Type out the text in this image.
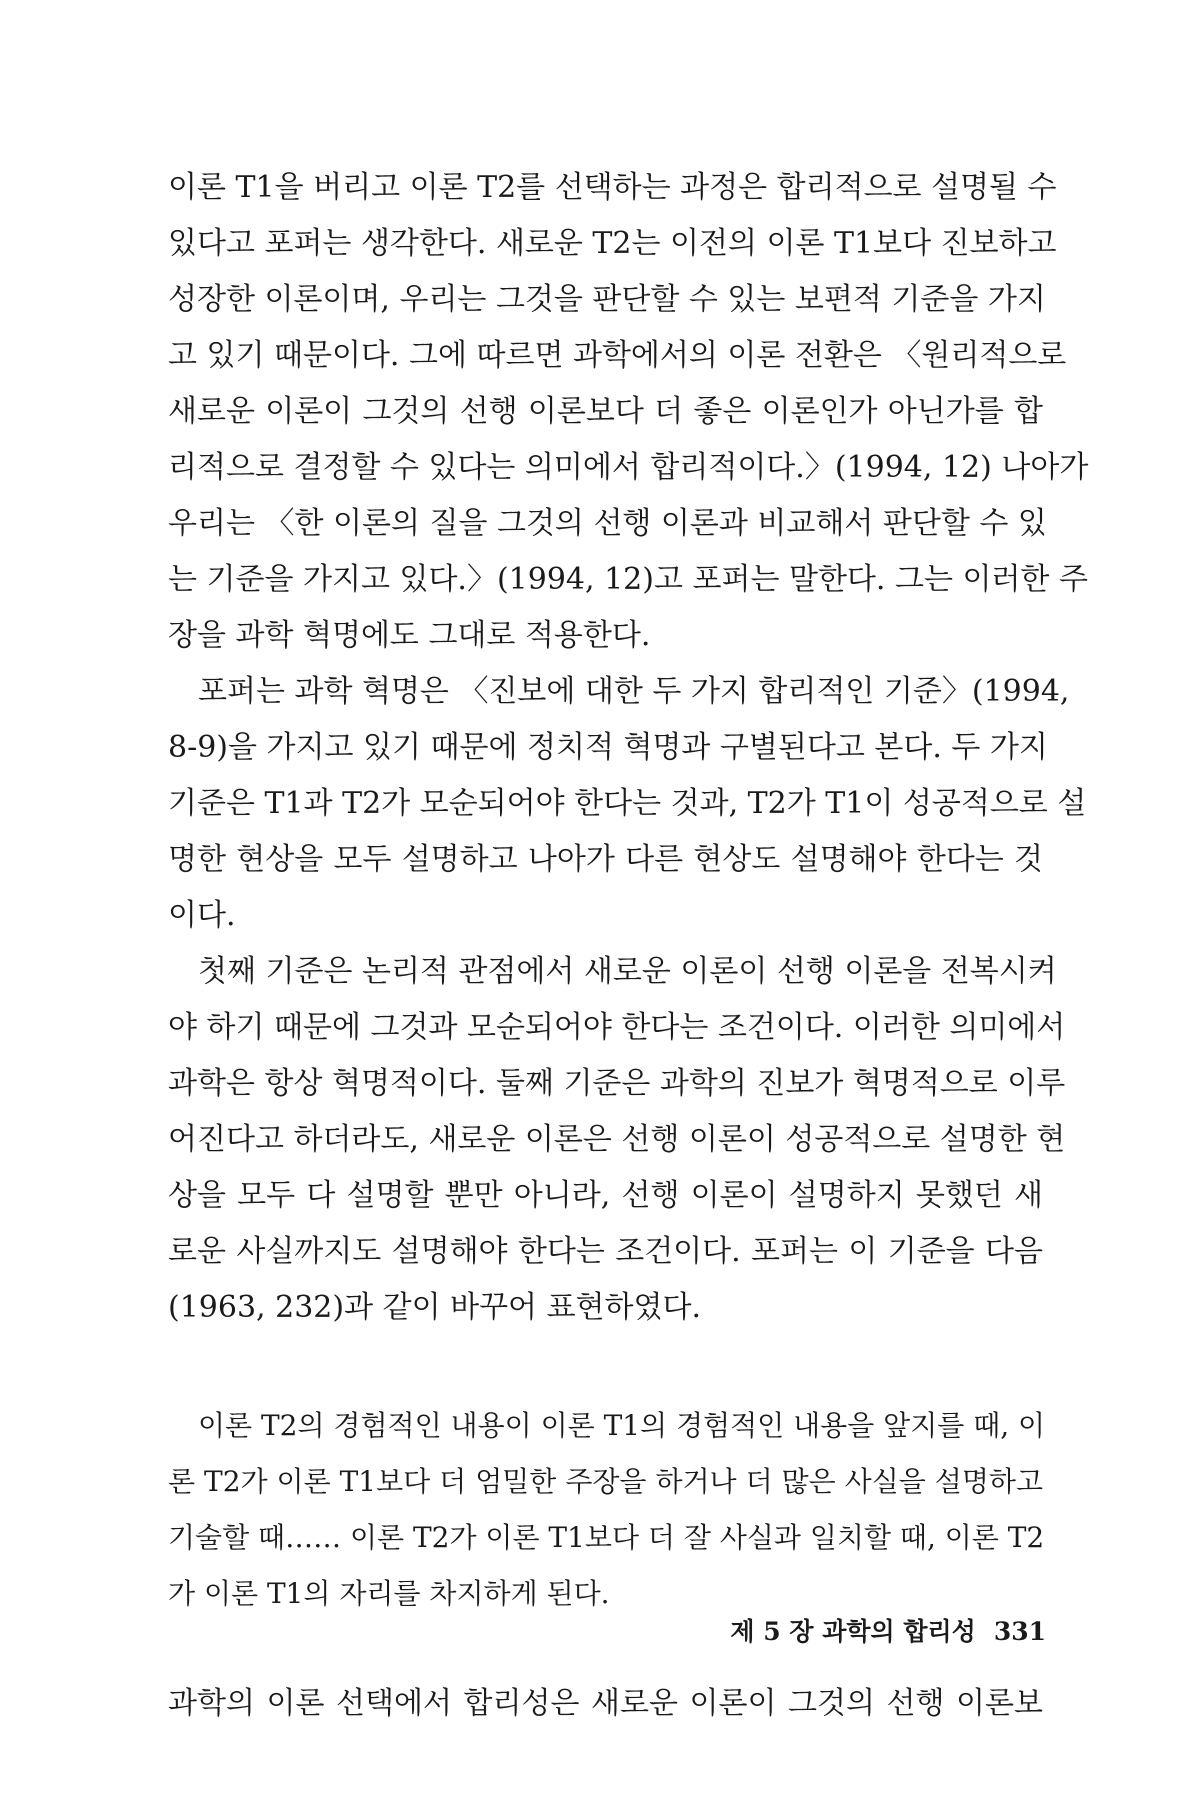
이론 T1을 버리고 이론 T2를 선택하는 과정은 합리적으로 설명될 수

있다고 포퍼는 생각한다. 새로운 T2는 이전의 이론 T1보다 진보하고

성장한 이론이며, 우리는 그것을 판단할 수 있는 보편적 기준을 가지

고 있기 때문이다. 그에 따르면 과학에서의 이론 전환은 〈원리적으로

새로운 이론이 그것의 선행 이론보다 더 좋은 이론인가 아닌가를 합

리적으로 결정할 수 있다는 의미에서 합리적이다.〉(1994, 12) 나아가

우리는 〈한 이론의 질을 그것의 선행 이론과 비교해서 판단할 수 있

는 기준을 가지고 있다.〉(1994, 12)고 포퍼는 말한다. 그는 이러한 주

장을 과학 혁명에도 그대로 적용한다.

포퍼는 과학 혁명은 〈진보에 대한 두 가지 합리적인 기준〉(1994,

8-9)을 가지고 있기 때문에 정치적 혁명과 구별된다고 본다. 두 가지

기준은 T1과 T2가 모순되어야 한다는 것과, T2가 T1이 성공적으로 설

명한 현상을 모두 설명하고 나아가 다른 현상도 설명해야 한다는 것

이다.

첫째 기준은 논리적 관점에서 새로운 이론이 선행 이론을 전복시켜

야 하기 때문에 그것과 모순되어야 한다는 조건이다. 이러한 의미에서

과학은 항상 혁명적이다. 둘째 기준은 과학의 진보가 혁명적으로 이루

어진다고 하더라도, 새로운 이론은 선행 이론이 성공적으로 설명한 현

상을 모두 다 설명할 뿐만 아니라, 선행 이론이 설명하지 못했던 새

로운 사실까지도 설명해야 한다는 조건이다. 포퍼는 이 기준을 다음

(1963, 232)과 같이 바꾸어 표현하였다.

이론 T2의 경험적인 내용이 이론 T1의 경험적인 내용을 앞지를 때, 이

론 T2가 이론 T1보다 더 엄밀한 주장을 하거나 더 많은 사실을 설명하고

기술할 때…… 이론 T2가 이론 T1보다 더 잘 사실과 일치할 때, 이론 T2

가 이론 T1의 자리를 차지하게 된다.

과학의 이론 선택에서 합리성은 새로운 이론이 그것의 선행 이론보

제 5 장 과학의 합리성 331
